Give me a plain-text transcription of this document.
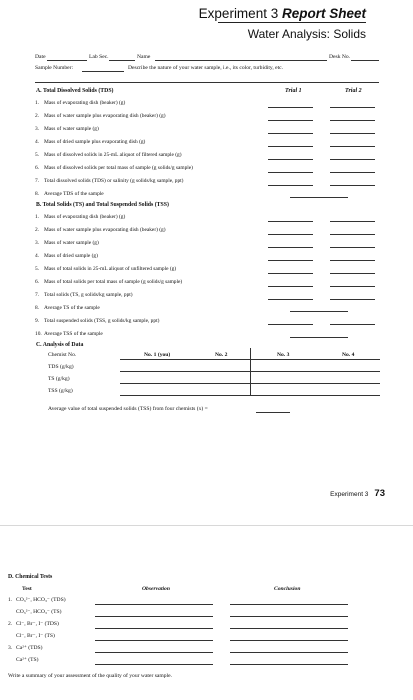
Experiment 3 Report Sheet
Water Analysis: Solids
Date	Lab Sec.	Name	Desk No.
Sample Number:	Describe the nature of your water sample, i.e., its color, turbidity, etc.
A. Total Dissolved Solids (TDS)	Trial 1	Trial 2
1. Mass of evaporating dish (beaker) (g)
2. Mass of water sample plus evaporating dish (beaker) (g)
3. Mass of water sample (g)
4. Mass of dried sample plus evaporating dish (g)
5. Mass of dissolved solids in 25-mL aliquot of filtered sample (g)
6. Mass of dissolved solids per total mass of sample (g solids/g sample)
7. Total dissolved solids (TDS) or salinity (g solids/kg sample, ppt)
8. Average TDS of the sample
B. Total Solids (TS) and Total Suspended Solids (TSS)
1. Mass of evaporating dish (beaker) (g)
2. Mass of water sample plus evaporating dish (beaker) (g)
3. Mass of water sample (g)
4. Mass of dried sample (g)
5. Mass of total solids in 25-mL aliquot of unfiltered sample (g)
6. Mass of total solids per total mass of sample (g solids/g sample)
7. Total solids (TS, g solids/kg sample, ppt)
8. Average TS of the sample
9. Total suspended solids (TSS, g solids/kg sample, ppt)
10. Average TSS of the sample
C. Analysis of Data
Chemist No.	No. 1 (you)	No. 2	No. 3	No. 4
TDS (g/kg)
TS (g/kg)
TSS (g/kg)
Average value of total suspended solids (TSS) from four chemists (x) =
Experiment 3 73
D. Chemical Tests
Test	Observation	Conclusion
1. CO₃²⁻, HCO₃⁻ (TDS)
CO₃²⁻, HCO₃⁻ (TS)
2. Cl⁻, Br⁻, I⁻ (TDS)
Cl⁻, Br⁻, I⁻ (TS)
3. Ca²⁺ (TDS)
Ca²⁺ (TS)
Write a summary of your assessment of the quality of your water sample.
